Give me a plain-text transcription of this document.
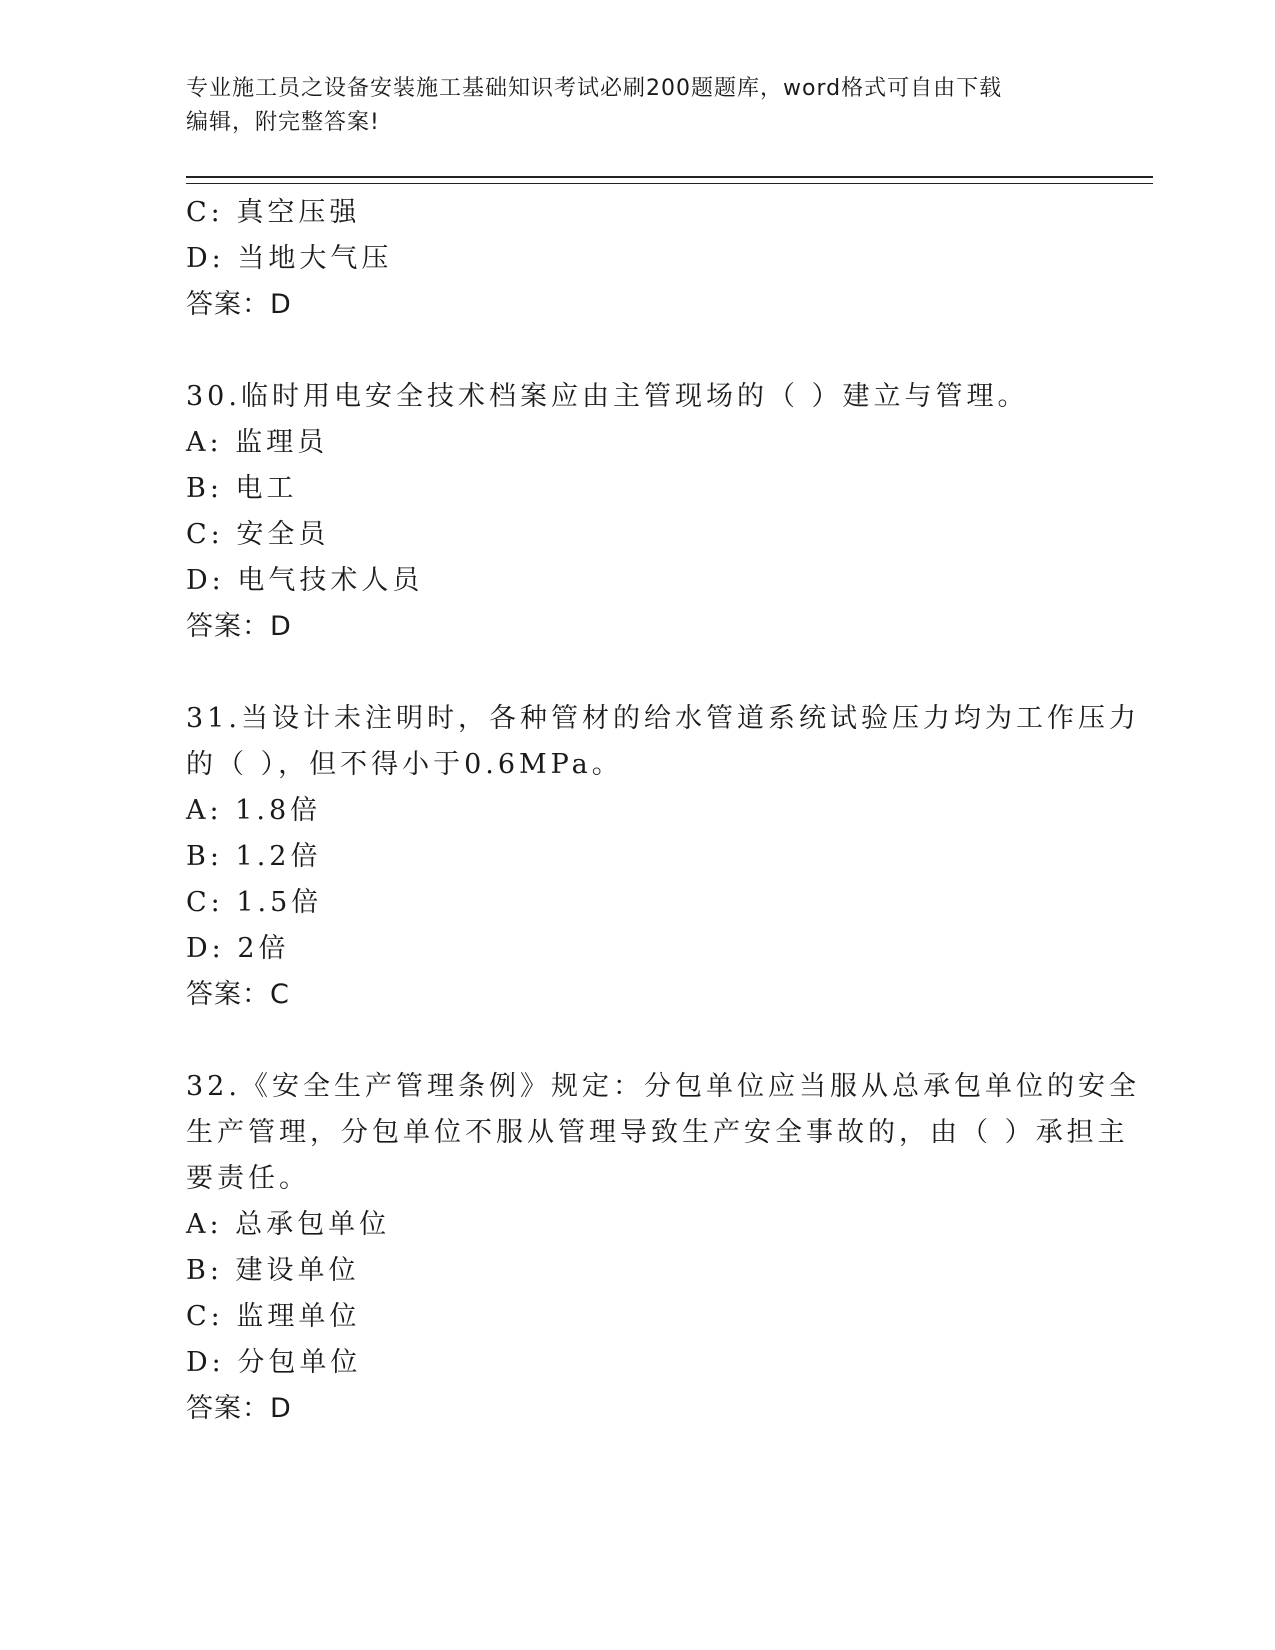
专业施工员之设备安装施工基础知识考试必刷200题题库，word格式可自由下载
编辑，附完整答案!
C: 真空压强
D: 当地大气压
答案：D
30.临时用电安全技术档案应由主管现场的（ ）建立与管理。
A: 监理员
B: 电工
C: 安全员
D: 电气技术人员
答案：D
31.当设计未注明时，各种管材的给水管道系统试验压力均为工作压力
的（ ），但不得小于0.6MPa。
A: 1.8倍
B: 1.2倍
C: 1.5倍
D: 2倍
答案：C
32.《安全生产管理条例》规定：分包单位应当服从总承包单位的安全
生产管理，分包单位不服从管理导致生产安全事故的，由（ ）承担主
要责任。
A: 总承包单位
B: 建设单位
C: 监理单位
D: 分包单位
答案：D
